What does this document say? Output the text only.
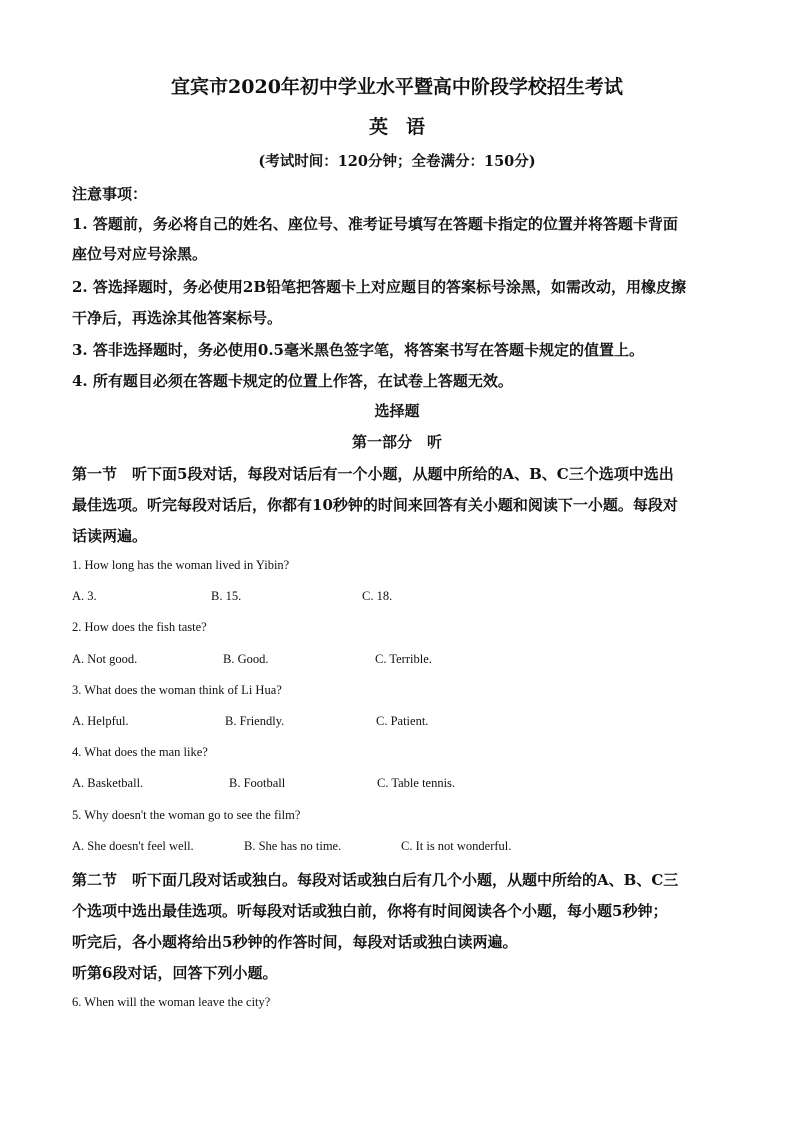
宜宾市2020年初中学业水平暨高中阶段学校招生考试
英语
(考试时间：120分钟；全卷满分：150分)
注意事项：
1. 答题前，务必将自己的姓名、座位号、准考证号填写在答题卡指定的位置并将答题卡背面
座位号对应号涂黑。
2. 答选择题时，务必使用2B铅笔把答题卡上对应题目的答案标号涂黑，如需改动，用橡皮擦
干净后，再选涂其他答案标号。
3. 答非选择题时，务必使用0.5毫米黑色签字笔，将答案书写在答题卡规定的值置上。
4. 所有题目必须在答题卡规定的位置上作答，在试卷上答题无效。
选择题
第一部分　听
第一节　听下面5段对话，每段对话后有一个小题，从题中所给的A、B、C三个选项中选出
最佳选项。听完每段对话后，你都有10秒钟的时间来回答有关小题和阅读下一小题。每段对
话读两遍。
1. How long has the woman lived in Yibin?
A. 3.	B. 15.	C. 18.
2. How does the fish taste?
A. Not good.	B. Good.	C. Terrible.
3. What does the woman think of Li Hua?
A. Helpful.	B. Friendly.	C. Patient.
4. What does the man like?
A. Basketball.	B. Football	C. Table tennis.
5. Why doesn't the woman go to see the film?
A. She doesn't feel well.	B. She has no time.	C. It is not wonderful.
第二节　听下面几段对话或独白。每段对话或独白后有几个小题，从题中所给的A、B、C三
个选项中选出最佳选项。听每段对话或独白前，你将有时间阅读各个小题，每小题5秒钟；
听完后，各小题将给出5秒钟的作答时间，每段对话或独白读两遍。
听第6段对话，回答下列小题。
6. When will the woman leave the city?
